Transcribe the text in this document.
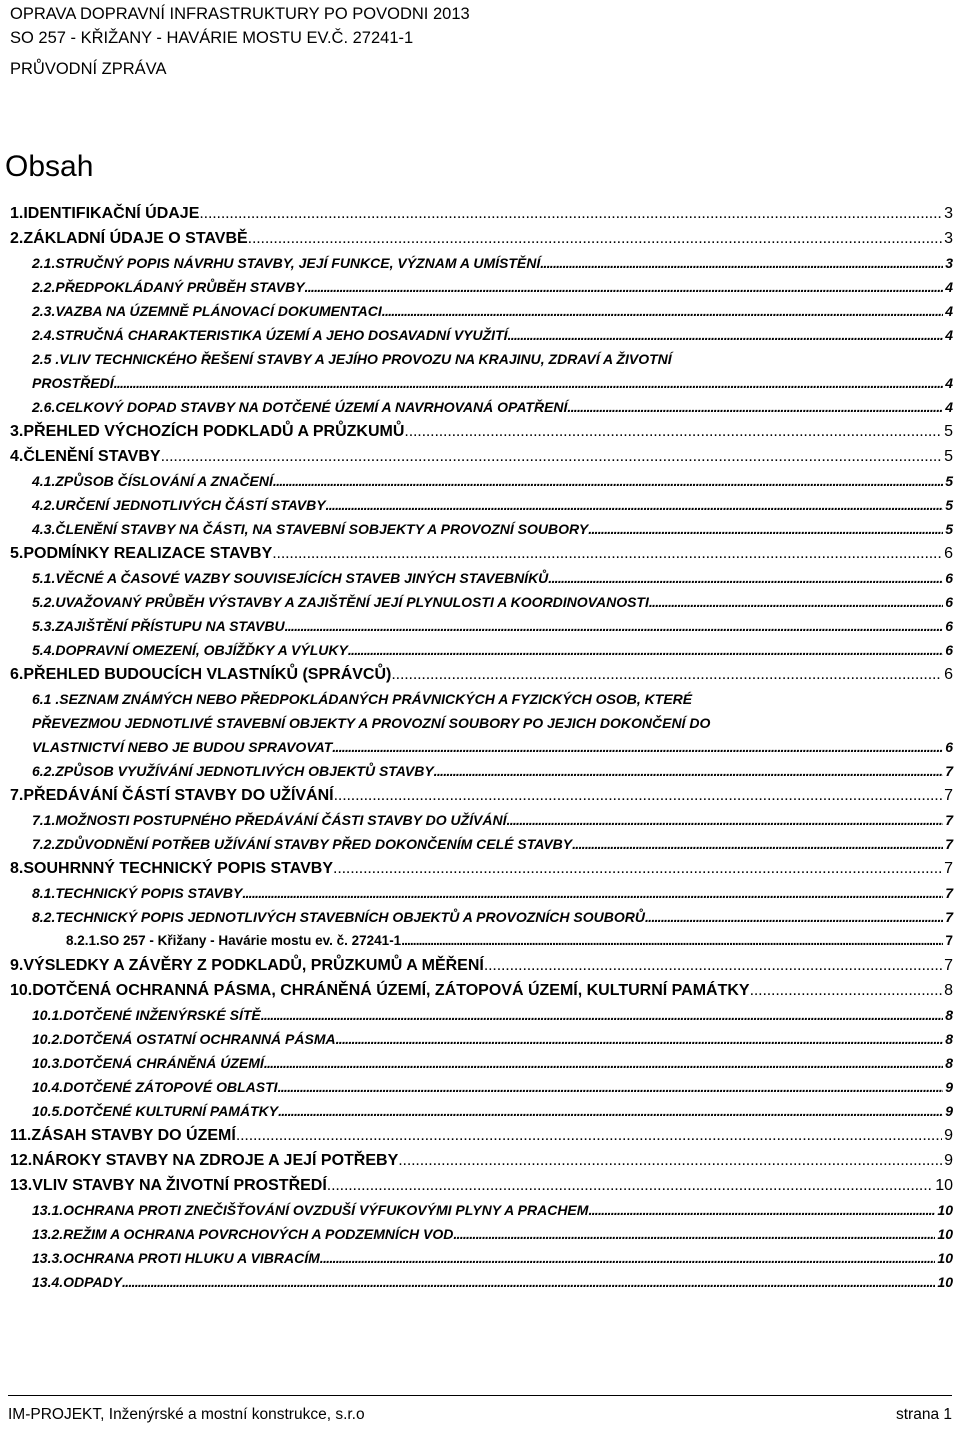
OPRAVA DOPRAVNÍ INFRASTRUKTURY PO POVODNI 2013
SO 257 - KŘIŽANY - HAVÁRIE MOSTU EV.Č. 27241-1
PRŮVODNÍ ZPRÁVA
Obsah
1 . IDENTIFIKAČNÍ ÚDAJE . . .	3
2 . ZÁKLADNÍ ÚDAJE O STAVBĚ . . .	3
2.1 . STRUČNÝ POPIS NÁVRHU STAVBY, JEJÍ FUNKCE, VÝZNAM A UMÍSTĚNÍ . . .	3
2.2 . PŘEDPOKLÁDANÝ PRŮBĚH STAVBY . . .	4
2.3 . VAZBA NA ÚZEMNĚ PLÁNOVACÍ DOKUMENTACI . . .	4
2.4 . STRUČNÁ CHARAKTERISTIKA ÚZEMÍ A JEHO DOSAVADNÍ VYUŽITÍ . . .	4
2.5 .VLIV TECHNICKÉHO ŘEŠENÍ STAVBY A JEJÍHO PROVOZU NA KRAJINU, ZDRAVÍ A ŽIVOTNÍ
PROSTŘEDÍ . . .	4
2.6 . CELKOVÝ DOPAD STAVBY NA DOTČENÉ ÚZEMÍ A NAVRHOVANÁ OPATŘENÍ . . .	4
3 . PŘEHLED VÝCHOZÍCH PODKLADŮ A PRŮZKUMŮ . . .	5
4 . ČLENĚNÍ STAVBY . . .	5
4.1 . ZPŮSOB ČÍSLOVÁNÍ A ZNAČENÍ . . .	5
4.2 . URČENÍ JEDNOTLIVÝCH ČÁSTÍ STAVBY . . .	5
4.3 . ČLENĚNÍ STAVBY NA ČÁSTI, NA STAVEBNÍ SOBJEKTY A PROVOZNÍ SOUBORY . . .	5
5 . PODMÍNKY REALIZACE STAVBY . . .	6
5.1 . VĚCNÉ A ČASOVÉ VAZBY SOUVISEJÍCÍCH STAVEB JINÝCH STAVEBNÍKŮ . . .	6
5.2 . UVAŽOVANÝ PRŮBĚH VÝSTAVBY A ZAJIŠTĚNÍ JEJÍ PLYNULOSTI A KOORDINOVANOSTI . . .	6
5.3 . ZAJIŠTĚNÍ PŘÍSTUPU NA STAVBU . . .	6
5.4 . DOPRAVNÍ OMEZENÍ, OBJÍŽĎKY A VÝLUKY . . .	6
6 . PŘEHLED BUDOUCÍCH VLASTNÍKŮ (SPRÁVCŮ) . . .	6
6.1 .SEZNAM ZNÁMÝCH NEBO PŘEDPOKLÁDANÝCH PRÁVNICKÝCH A FYZICKÝCH OSOB, KTERÉ
PŘEVEZMOU JEDNOTLIVÉ STAVEBNÍ OBJEKTY A PROVOZNÍ SOUBORY PO JEJICH DOKONČENÍ DO
VLASTNICTVÍ NEBO JE BUDOU SPRAVOVAT . . .	6
6.2 . ZPŮSOB VYUŽÍVÁNÍ JEDNOTLIVÝCH OBJEKTŮ STAVBY . . .	7
7 . PŘEDÁVÁNÍ ČÁSTÍ STAVBY DO UŽÍVÁNÍ . . .	7
7.1 . MOŽNOSTI POSTUPNÉHO PŘEDÁVÁNÍ ČÁSTI STAVBY DO UŽÍVÁNÍ . . .	7
7.2 . ZDŮVODNĚNÍ POTŘEB UŽÍVÁNÍ STAVBY PŘED DOKONČENÍM CELÉ STAVBY . . .	7
8 . SOUHRNNÝ TECHNICKÝ POPIS STAVBY . . .	7
8.1 . TECHNICKÝ POPIS STAVBY . . .	7
8.2 . TECHNICKÝ POPIS JEDNOTLIVÝCH STAVEBNÍCH OBJEKTŮ A PROVOZNÍCH SOUBORŮ . . .	7
8.2.1 . SO 257 - Křižany - Havárie mostu ev. č. 27241-1 . . .	7
9 . VÝSLEDKY A ZÁVĚRY Z PODKLADŮ, PRŮZKUMŮ A MĚŘENÍ . . .	7
10 . DOTČENÁ OCHRANNÁ PÁSMA, CHRÁNĚNÁ ÚZEMÍ, ZÁTOPOVÁ ÚZEMÍ, KULTURNÍ PAMÁTKY . . .	8
10.1 . DOTČENÉ INŽENÝRSKÉ SÍTĚ . . .	8
10.2 . DOTČENÁ OSTATNÍ OCHRANNÁ PÁSMA . . .	8
10.3 . DOTČENÁ CHRÁNĚNÁ ÚZEMÍ . . .	8
10.4 . DOTČENÉ ZÁTOPOVÉ OBLASTI . . .	9
10.5 . DOTČENÉ KULTURNÍ PAMÁTKY . . .	9
11 . ZÁSAH STAVBY DO ÚZEMÍ . . .	9
12 . NÁROKY STAVBY NA ZDROJE A JEJÍ POTŘEBY . . .	9
13 . VLIV STAVBY NA ŽIVOTNÍ PROSTŘEDÍ . . .	10
13.1 . OCHRANA PROTI ZNEČIŠŤOVÁNÍ OVZDUŠÍ VÝFUKOVÝMI PLYNY A PRACHEM . . .	10
13.2 . REŽIM A OCHRANA POVRCHOVÝCH A PODZEMNÍCH VOD . . .	10
13.3 . OCHRANA PROTI HLUKU A VIBRACÍM . . .	10
13.4 . ODPADY . . .	10
IM-PROJEKT, Inženýrské a mostní konstrukce, s.r.o	strana 1
